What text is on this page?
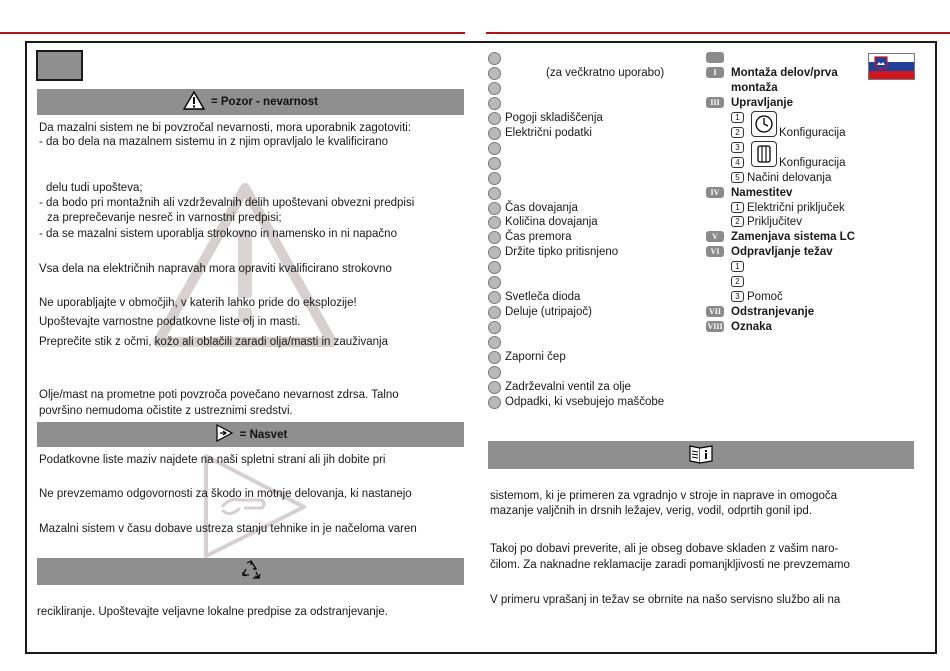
= Pozor - nevarnost
Da mazalni sistem ne bi povzročal nevarnosti, mora uporabnik zagotoviti:
- da bo dela na mazalnem sistemu in z njim opravljalo le kvalificirano
delu tudi upošteva;
- da bodo pri montažnih ali vzdrževalnih delih upoštevani obvezni predpisi
za preprečevanje nesreč in varnostni predpisi;
- da se mazalni sistem uporablja strokovno in namensko in ni napačno
Vsa dela na električnih napravah mora opraviti kvalificirano strokovno
Ne uporabljajte v območjih, v katerih lahko pride do eksplozije!
Upoštevajte varnostne podatkovne liste olj in masti.
Preprečite stik z očmi, kožo ali oblačili zaradi olja/masti in zauživanja
Olje/mast na prometne poti povzroča povečano nevarnost zdrsa. Talno
površino nemudoma očistite z ustreznimi sredstvi.
= Nasvet
Podatkovne liste maziv najdete na naši spletni strani ali jih dobite pri
Ne prevzemamo odgovornosti za škodo in motnje delovanja, ki nastanejo
Mazalni sistem v času dobave ustreza stanju tehnike in je načeloma varen
recikliranje. Upoštevajte veljavne lokalne predpise za odstranjevanje.
(za večkratno uporabo)
Pogoji skladiščenja
Električni podatki
Čas dovajanja
Količina dovajanja
Čas premora
Držite tipko pritisnjeno
Svetleča dioda
Deluje (utripajoč)
Zaporni čep
Zadrževalni ventil za olje
Odpadki, ki vsebujejo maščobe
I	Montaža delov/prva
montaža
III Upravljanje
1
2	Konfiguracija
3
4	Konfiguracija
5 Načini delovanja
IV	Namestitev
1 Električni priključek
2 Priključitev
V	Zamenjava sistema LC
VI	Odpravljanje težav
1
2
3 Pomoč
VII Odstranjevanje
VIII Oznaka
sistemom, ki je primeren za vgradnjo v stroje in naprave in omogoča
mazanje valjčnih in drsnih ležajev, verig, vodil, odprtih gonil ipd.
Takoj po dobavi preverite, ali je obseg dobave skladen z vašim naro-
čilom. Za naknadne reklamacije zaradi pomanjkljivosti ne prevzemamo
V primeru vprašanj in težav se obrnite na našo servisno službo ali na
